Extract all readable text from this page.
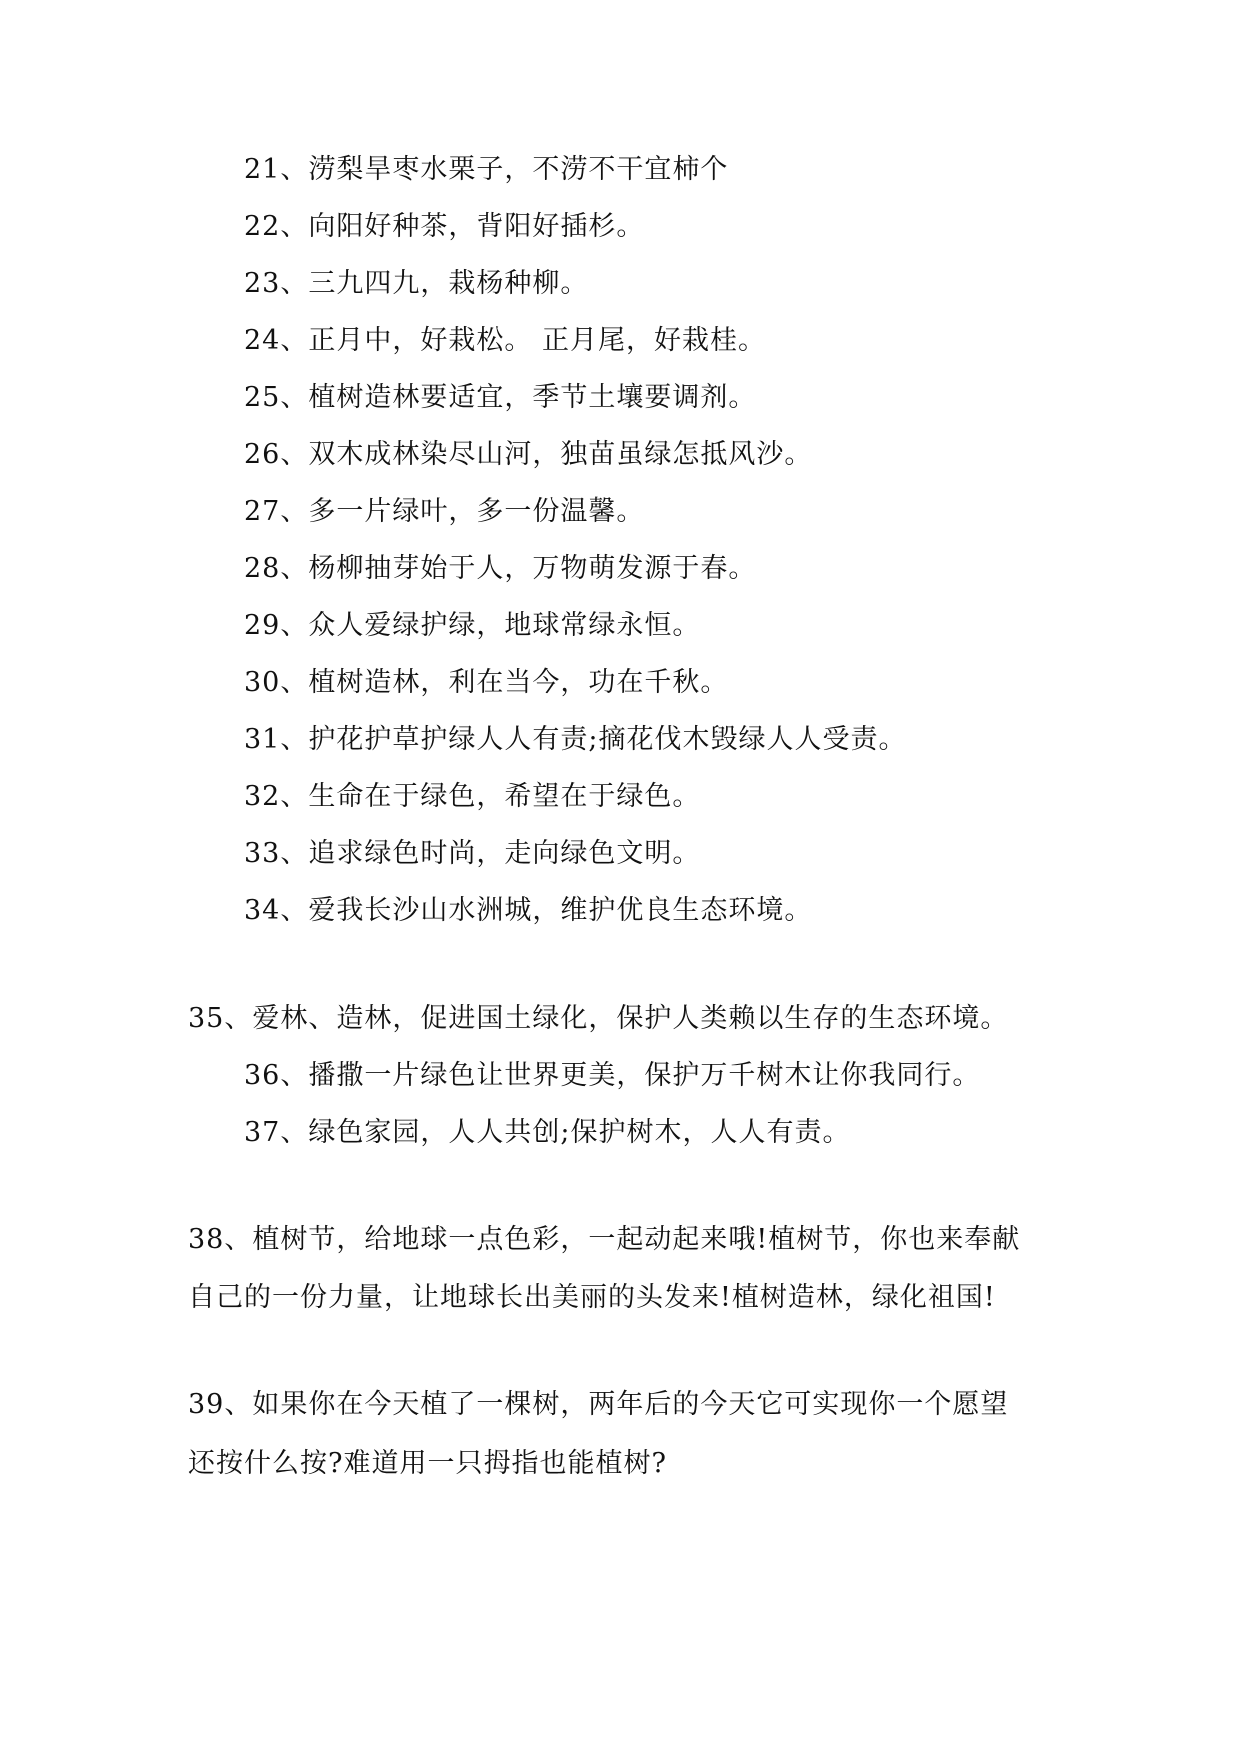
21、涝梨旱枣水栗子，不涝不干宜柿个
22、向阳好种茶，背阳好插杉。
23、三九四九，栽杨种柳。
24、正月中，好栽松。 正月尾，好栽桂。
25、植树造林要适宜，季节土壤要调剂。
26、双木成林染尽山河，独苗虽绿怎抵风沙。
27、多一片绿叶，多一份温馨。
28、杨柳抽芽始于人，万物萌发源于春。
29、众人爱绿护绿，地球常绿永恒。
30、植树造林，利在当今，功在千秋。
31、护花护草护绿人人有责;摘花伐木毁绿人人受责。
32、生命在于绿色，希望在于绿色。
33、追求绿色时尚，走向绿色文明。
34、爱我长沙山水洲城，维护优良生态环境。
35、爱林、造林，促进国土绿化，保护人类赖以生存的生态环境。
36、播撒一片绿色让世界更美，保护万千树木让你我同行。
37、绿色家园，人人共创;保护树木，人人有责。
38、植树节，给地球一点色彩，一起动起来哦!植树节，你也来奉献
自己的一份力量，让地球长出美丽的头发来!植树造林，绿化祖国!
39、如果你在今天植了一棵树，两年后的今天它可实现你一个愿望
还按什么按?难道用一只拇指也能植树?
